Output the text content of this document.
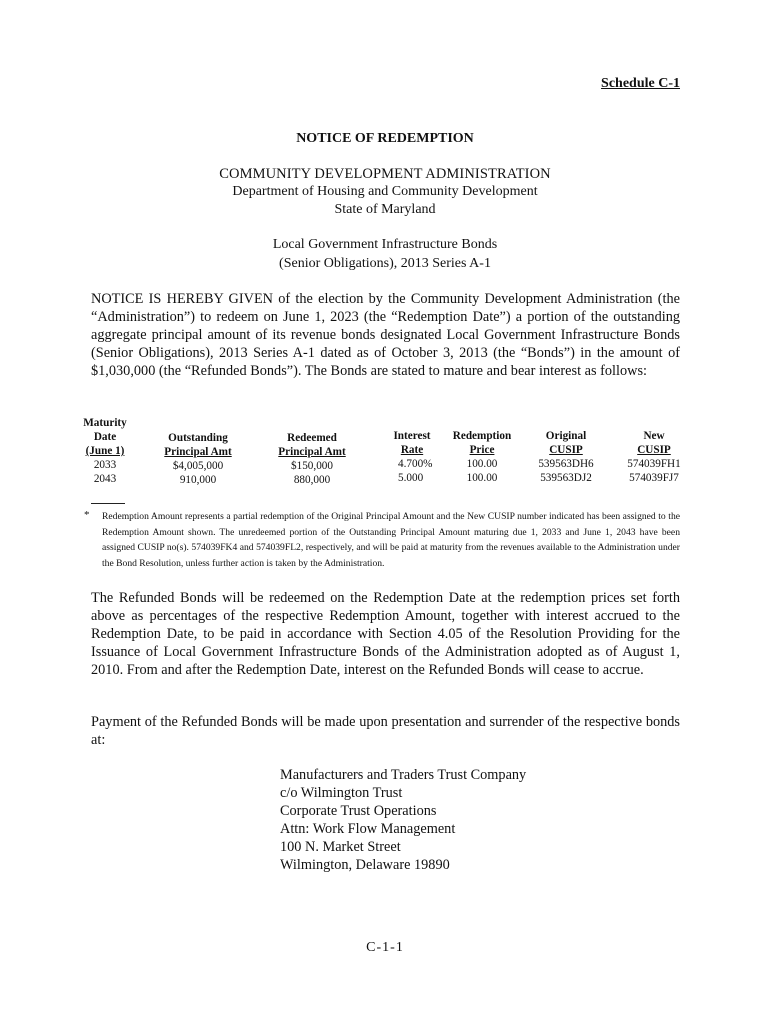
Schedule C-1
NOTICE OF REDEMPTION
COMMUNITY DEVELOPMENT ADMINISTRATION
Department of Housing and Community Development
State of Maryland
Local Government Infrastructure Bonds
(Senior Obligations), 2013 Series A-1
NOTICE IS HEREBY GIVEN of the election by the Community Development Administration (the “Administration”) to redeem on June 1, 2023 (the “Redemption Date”) a portion of the outstanding aggregate principal amount of its revenue bonds designated Local Government Infrastructure Bonds (Senior Obligations), 2013 Series A-1 dated as of October 3, 2013 (the “Bonds”) in the amount of $1,030,000 (the “Refunded Bonds”). The Bonds are stated to mature and bear interest as follows:
Maturity
Date
(June 1)
2033
2043
Outstanding
Principal Amt
$4,005,000
910,000
Redeemed
Principal Amt
$150,000
880,000
Interest
Rate
4.700%
5.000
Redemption
Price
100.00
100.00
Original
CUSIP
539563DH6
539563DJ2
New
CUSIP
574039FH1
574039FJ7
* Redemption Amount represents a partial redemption of the Original Principal Amount and the New CUSIP number indicated has been assigned to the Redemption Amount shown. The unredeemed portion of the Outstanding Principal Amount maturing due 1, 2033 and June 1, 2043 have been assigned CUSIP no(s). 574039FK4 and 574039FL2, respectively, and will be paid at maturity from the revenues available to the Administration under the Bond Resolution, unless further action is taken by the Administration.
The Refunded Bonds will be redeemed on the Redemption Date at the redemption prices set forth above as percentages of the respective Redemption Amount, together with interest accrued to the Redemption Date, to be paid in accordance with Section 4.05 of the Resolution Providing for the Issuance of Local Government Infrastructure Bonds of the Administration adopted as of August 1, 2010. From and after the Redemption Date, interest on the Refunded Bonds will cease to accrue.
Payment of the Refunded Bonds will be made upon presentation and surrender of the respective bonds at:
Manufacturers and Traders Trust Company
c/o Wilmington Trust
Corporate Trust Operations
Attn: Work Flow Management
100 N. Market Street
Wilmington, Delaware 19890
C-1-1
